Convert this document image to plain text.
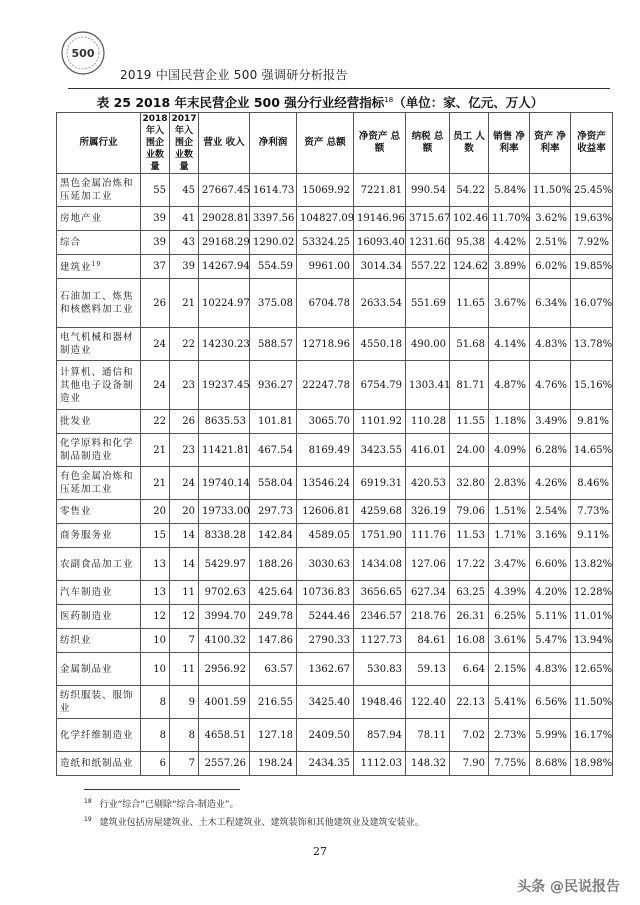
500
2019 中国民营企业 500 强调研分析报告
表 25 2018 年末民营企业 500 强分行业经营指标$^{18}$（单位：家、亿元、万人）
所属行业	2018 年入 围企 业数 量	2017 年入 围企 业数 量	营业 收入	净利润	资产 总额	净资产 总额	纳税 总额	员工 人数	销售 净利率	资产 净利率	净资产 收益率
黑色金属冶炼和压延加工业	55	45	27667.45	1614.73	15069.92	7221.81	990.54	54.22	5.84%	11.50%	25.45%
房地产业	39	41	29028.81	3397.56	104827.09	19146.96	3715.67	102.46	11.70%	3.62%	19.63%
综合	39	43	29168.29	1290.02	53324.25	16093.40	1231.60	95.38	4.42%	2.51%	7.92%
建筑业$^{19}$	37	39	14267.94	554.59	9961.00	3014.34	557.22	124.62	3.89%	6.02%	19.85%
石油加工、炼焦和核燃料加工业	26	21	10224.97	375.08	6704.78	2633.54	551.69	11.65	3.67%	6.34%	16.07%
电气机械和器材制造业	24	22	14230.23	588.57	12718.96	4550.18	490.00	51.68	4.14%	4.83%	13.78%
计算机、通信和其他电子设备制造业	24	23	19237.45	936.27	22247.78	6754.79	1303.41	81.71	4.87%	4.76%	15.16%
批发业	22	26	8635.53	101.81	3065.70	1101.92	110.28	11.55	1.18%	3.49%	9.81%
化学原料和化学制品制造业	21	23	11421.81	467.54	8169.49	3423.55	416.01	24.00	4.09%	6.28%	14.65%
有色金属冶炼和压延加工业	21	24	19740.14	558.04	13546.24	6919.31	420.53	32.80	2.83%	4.26%	8.46%
零售业	20	20	19733.00	297.73	12606.81	4259.68	326.19	79.06	1.51%	2.54%	7.73%
商务服务业	15	14	8338.28	142.84	4589.05	1751.90	111.76	11.53	1.71%	3.16%	9.11%
农副食品加工业	13	14	5429.97	188.26	3030.63	1434.08	127.06	17.22	3.47%	6.60%	13.82%
汽车制造业	13	11	9702.63	425.64	10736.83	3656.65	627.34	63.25	4.39%	4.20%	12.28%
医药制造业	12	12	3994.70	249.78	5244.46	2346.57	218.76	26.31	6.25%	5.11%	11.01%
纺织业	10	7	4100.32	147.86	2790.33	1127.73	84.61	16.08	3.61%	5.47%	13.94%
金属制品业	10	11	2956.92	63.57	1362.67	530.83	59.13	6.64	2.15%	4.83%	12.65%
纺织服装、服饰业	8	9	4001.59	216.55	3425.40	1948.46	122.40	22.13	5.41%	6.56%	11.50%
化学纤维制造业	8	8	4658.51	127.18	2409.50	857.94	78.11	7.02	2.73%	5.99%	16.17%
造纸和纸制品业	6	7	2557.26	198.24	2434.35	1112.03	148.32	7.90	7.75%	8.68%	18.98%
$^{18}$ 行业“综合”已剔除“综合-制造业”。
$^{19}$ 建筑业包括房屋建筑业、土木工程建筑业、建筑装饰和其他建筑业及建筑安装业。
27
头条 @民说报告
